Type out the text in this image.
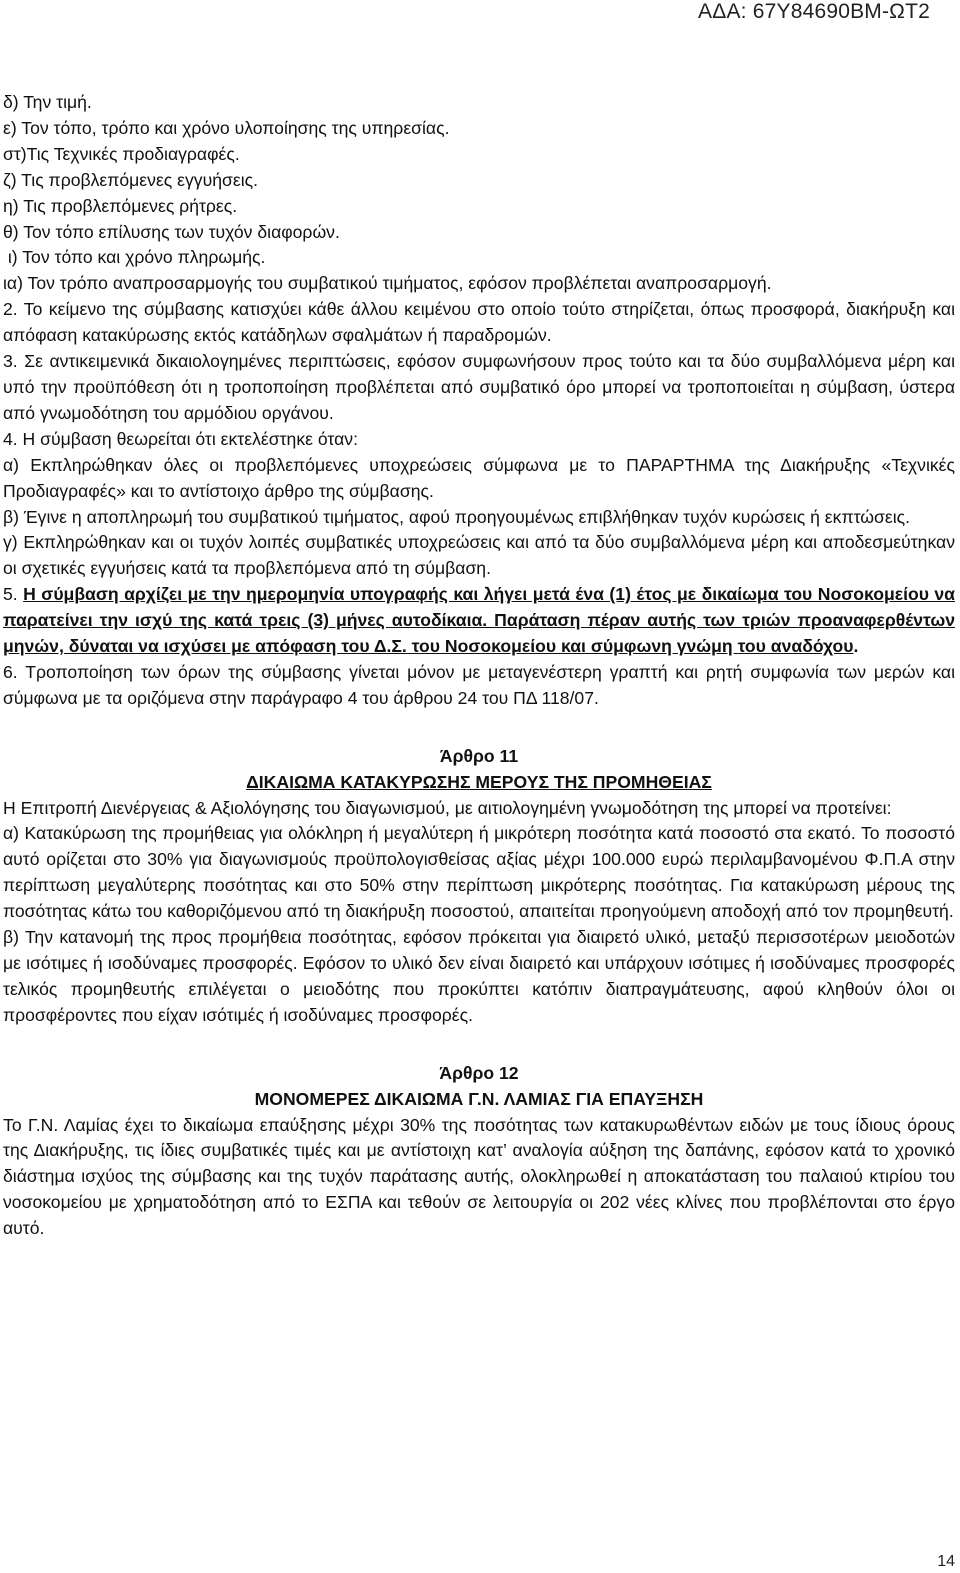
ΑΔΑ: 67Υ84690ΒΜ-ΩΤ2

δ) Την τιμή.

ε) Τον τόπο, τρόπο και χρόνο υλοποίησης της υπηρεσίας.

στ)Τις Τεχνικές προδιαγραφές.

ζ) Τις προβλεπόμενες εγγυήσεις.

η) Τις προβλεπόμενες ρήτρες.

θ) Τον τόπο επίλυσης των τυχόν διαφορών.

ι) Τον τόπο και χρόνο πληρωμής.

ια) Τον τρόπο αναπροσαρμογής του συμβατικού τιμήματος, εφόσον προβλέπεται αναπροσαρμογή.

2. Το κείμενο της σύμβασης κατισχύει κάθε άλλου κειμένου στο οποίο τούτο στηρίζεται, όπως προσφορά, διακήρυξη και απόφαση κατακύρωσης εκτός κατάδηλων σφαλμάτων ή παραδρομών.

3. Σε αντικειμενικά δικαιολογημένες περιπτώσεις, εφόσον συμφωνήσουν προς τούτο και τα δύο συμβαλλόμενα μέρη και υπό την προϋπόθεση ότι η τροποποίηση προβλέπεται από συμβατικό όρο μπορεί να τροποποιείται η σύμβαση, ύστερα από γνωμοδότηση του αρμόδιου οργάνου.

4. Η σύμβαση θεωρείται ότι εκτελέστηκε όταν:

α) Εκπληρώθηκαν όλες οι προβλεπόμενες υποχρεώσεις σύμφωνα με το ΠΑΡΑΡΤΗΜΑ της Διακήρυξης «Τεχνικές Προδιαγραφές» και το αντίστοιχο άρθρο της σύμβασης.

β) Έγινε η αποπληρωμή του συμβατικού τιμήματος, αφού προηγουμένως επιβλήθηκαν τυχόν κυρώσεις ή εκπτώσεις.

γ) Εκπληρώθηκαν και οι τυχόν λοιπές συμβατικές υποχρεώσεις και από τα δύο συμβαλλόμενα μέρη και αποδεσμεύτηκαν οι σχετικές εγγυήσεις κατά τα προβλεπόμενα από τη σύμβαση.

5. Η σύμβαση αρχίζει με την ημερομηνία υπογραφής και λήγει μετά ένα (1) έτος με δικαίωμα του Νοσοκομείου να παρατείνει την ισχύ της κατά τρεις (3) μήνες αυτοδίκαια. Παράταση πέραν αυτής των τριών προαναφερθέντων μηνών, δύναται να ισχύσει με απόφαση του Δ.Σ. του Νοσοκομείου και σύμφωνη γνώμη του αναδόχου.

6. Τροποποίηση των όρων της σύμβασης γίνεται μόνον με μεταγενέστερη γραπτή και ρητή συμφωνία των μερών και σύμφωνα με τα οριζόμενα στην παράγραφο 4 του άρθρου 24 του ΠΔ 118/07.

Άρθρο 11

ΔΙΚΑΙΩΜΑ ΚΑΤΑΚΥΡΩΣΗΣ ΜΕΡΟΥΣ ΤΗΣ ΠΡΟΜΗΘΕΙΑΣ

Η Επιτροπή Διενέργειας & Αξιολόγησης του διαγωνισμού, με αιτιολογημένη γνωμοδότηση της μπορεί να προτείνει:

α) Κατακύρωση της προμήθειας για ολόκληρη ή μεγαλύτερη ή μικρότερη ποσότητα κατά ποσοστό στα εκατό. Το ποσοστό αυτό ορίζεται στο 30% για διαγωνισμούς προϋπολογισθείσας αξίας μέχρι 100.000 ευρώ περιλαμβανομένου Φ.Π.Α στην περίπτωση μεγαλύτερης ποσότητας και στο 50% στην περίπτωση μικρότερης ποσότητας. Για κατακύρωση μέρους της ποσότητας κάτω του καθοριζόμενου από τη διακήρυξη ποσοστού, απαιτείται προηγούμενη αποδοχή από τον προμηθευτή.

β) Την κατανομή της προς προμήθεια ποσότητας, εφόσον πρόκειται για διαιρετό υλικό, μεταξύ περισσοτέρων μειοδοτών με ισότιμες ή ισοδύναμες προσφορές. Εφόσον το υλικό δεν είναι διαιρετό και υπάρχουν ισότιμες ή ισοδύναμες προσφορές τελικός προμηθευτής επιλέγεται ο μειοδότης που προκύπτει κατόπιν διαπραγμάτευσης, αφού κληθούν όλοι οι προσφέροντες που είχαν ισότιμές ή ισοδύναμες προσφορές.

Άρθρο 12

ΜΟΝΟΜΕΡΕΣ ΔΙΚΑΙΩΜΑ Γ.Ν. ΛΑΜΙΑΣ ΓΙΑ ΕΠΑΥΞΗΣΗ

Το Γ.Ν. Λαμίας έχει το δικαίωμα επαύξησης μέχρι 30% της ποσότητας των κατακυρωθέντων ειδών με τους ίδιους όρους της Διακήρυξης, τις ίδιες συμβατικές τιμές και με αντίστοιχη κατ’ αναλογία αύξηση της δαπάνης, εφόσον κατά το χρονικό διάστημα ισχύος της σύμβασης και της τυχόν παράτασης αυτής, ολοκληρωθεί η αποκατάσταση του παλαιού κτιρίου του νοσοκομείου με χρηματοδότηση από το ΕΣΠΑ και τεθούν σε λειτουργία οι 202 νέες κλίνες που προβλέπονται στο έργο αυτό.

14
